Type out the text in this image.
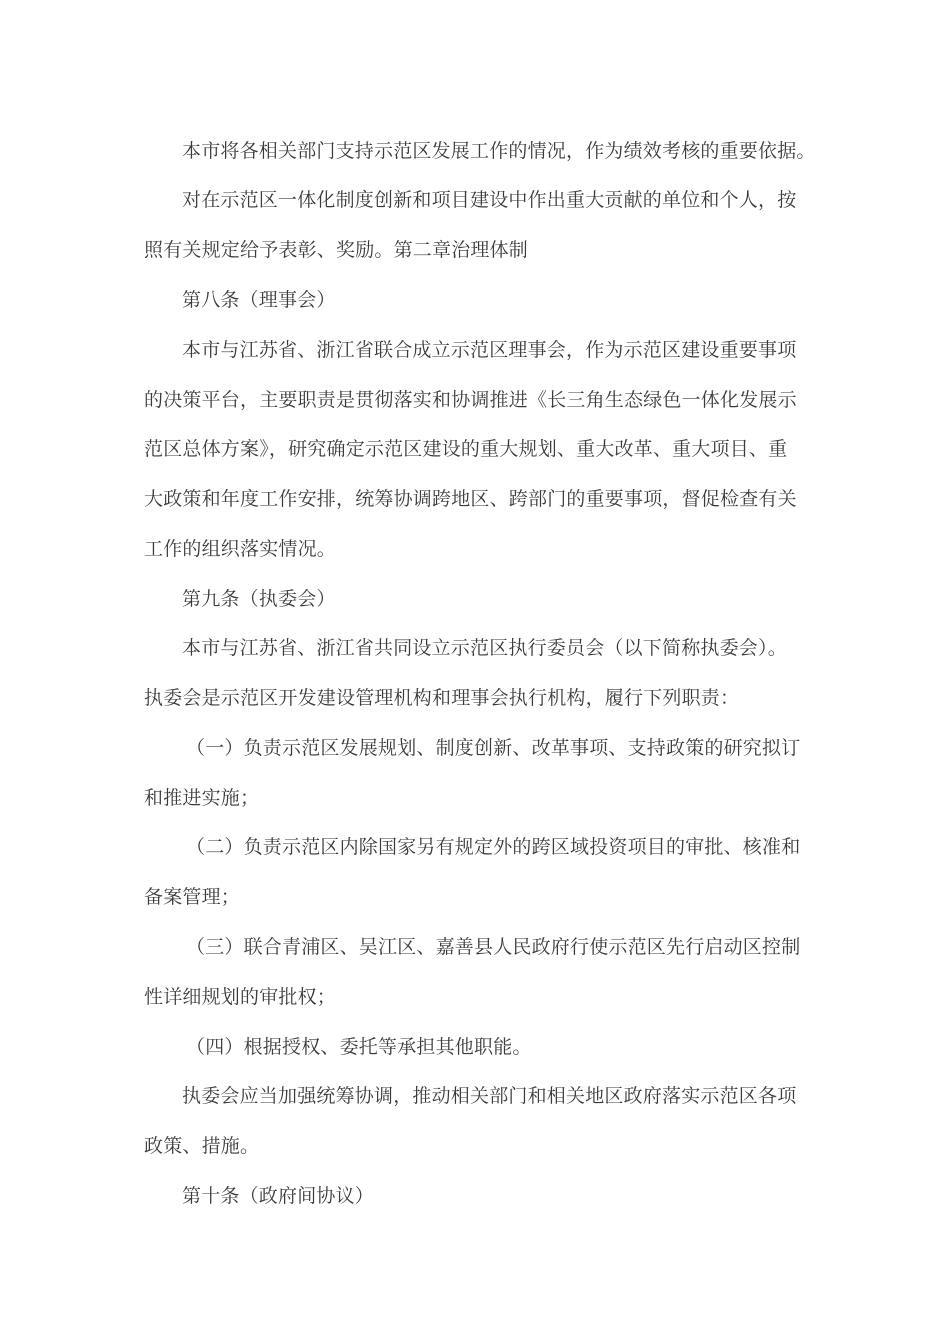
本市将各相关部门支持示范区发展工作的情况，作为绩效考核的重要依据。
对在示范区一体化制度创新和项目建设中作出重大贡献的单位和个人，按
照有关规定给予表彰、奖励。第二章治理体制
第八条（理事会）
本市与江苏省、浙江省联合成立示范区理事会，作为示范区建设重要事项
的决策平台，主要职责是贯彻落实和协调推进《长三角生态绿色一体化发展示
范区总体方案》，研究确定示范区建设的重大规划、重大改革、重大项目、重
大政策和年度工作安排，统筹协调跨地区、跨部门的重要事项，督促检查有关
工作的组织落实情况。
第九条（执委会）
本市与江苏省、浙江省共同设立示范区执行委员会（以下简称执委会）。
执委会是示范区开发建设管理机构和理事会执行机构，履行下列职责：
（一）负责示范区发展规划、制度创新、改革事项、支持政策的研究拟订
和推进实施；
（二）负责示范区内除国家另有规定外的跨区域投资项目的审批、核准和
备案管理；
（三）联合青浦区、吴江区、嘉善县人民政府行使示范区先行启动区控制
性详细规划的审批权；
（四）根据授权、委托等承担其他职能。
执委会应当加强统筹协调，推动相关部门和相关地区政府落实示范区各项
政策、措施。
第十条（政府间协议）
